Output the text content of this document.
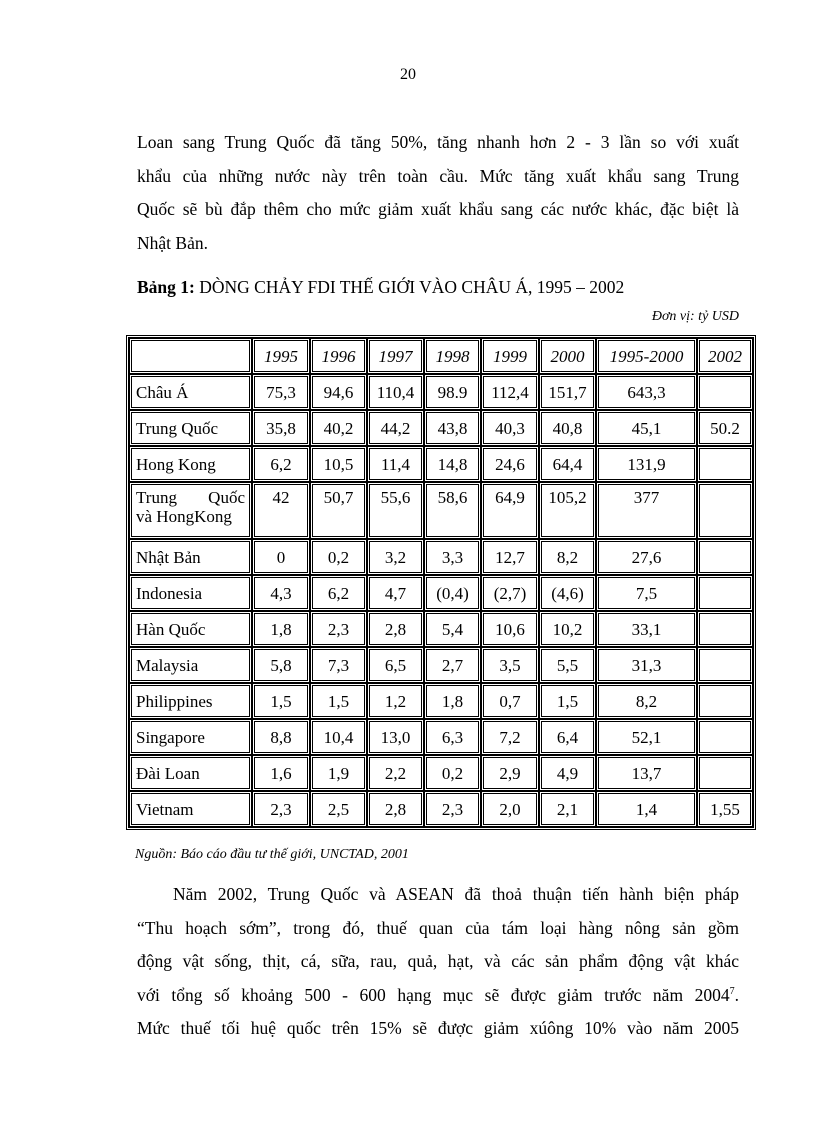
20
Loan sang Trung Quốc đã tăng 50%, tăng nhanh hơn 2 - 3 lần so với xuất
khẩu của những nước này trên toàn cầu. Mức tăng xuất khẩu sang Trung
Quốc sẽ bù đắp thêm cho mức giảm xuất khẩu sang các nước khác, đặc biệt là
Nhật Bản.
Bảng 1: DÒNG CHẢY FDI THẾ GIỚI VÀO CHÂU Á, 1995 – 2002
Đơn vị: tỷ USD
	1995	1996	1997	1998	1999	2000	1995-2000	2002
Châu Á	75,3	94,6	110,4	98.9	112,4	151,7	643,3	
Trung Quốc	35,8	40,2	44,2	43,8	40,3	40,8	45,1	50.2
Hong Kong	6,2	10,5	11,4	14,8	24,6	64,4	131,9	

Trung Quốc
và HongKong	42	50,7	55,6	58,6	64,9	105,2	377	
Nhật Bản	0	0,2	3,2	3,3	12,7	8,2	27,6	
Indonesia	4,3	6,2	4,7	(0,4)	(2,7)	(4,6)	7,5	
Hàn Quốc	1,8	2,3	2,8	5,4	10,6	10,2	33,1	
Malaysia	5,8	7,3	6,5	2,7	3,5	5,5	31,3	
Philippines	1,5	1,5	1,2	1,8	0,7	1,5	8,2	
Singapore	8,8	10,4	13,0	6,3	7,2	6,4	52,1	
Đài Loan	1,6	1,9	2,2	0,2	2,9	4,9	13,7	
Vietnam	2,3	2,5	2,8	2,3	2,0	2,1	1,4	1,55
Nguồn: Báo cáo đầu tư thế giới, UNCTAD, 2001
Năm 2002, Trung Quốc và ASEAN đã thoả thuận tiến hành biện pháp
“Thu hoạch sớm”, trong đó, thuế quan của tám loại hàng nông sản gồm
động vật sống, thịt, cá, sữa, rau, quả, hạt, và các sản phẩm động vật khác
với tổng số khoảng 500 - 600 hạng mục sẽ được giảm trước năm 2004$^7$.
Mức thuế tối huệ quốc trên 15% sẽ được giảm xúông 10% vào năm 2005
